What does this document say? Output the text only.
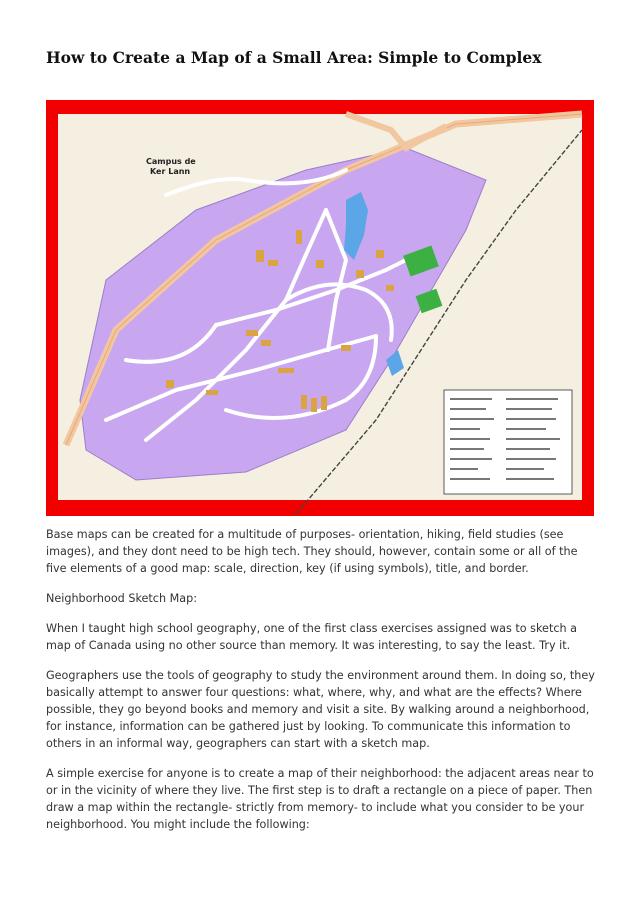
How to Create a Map of a Small Area: Simple to Complex
Campus de
Ker Lann

Base maps can be created for a multitude of purposes- orientation, hiking, field studies (see images), and they dont need to be high tech. They should, however, contain some or all of the five elements of a good map: scale, direction, key (if using symbols), title, and border.

Neighborhood Sketch Map:

When I taught high school geography, one of the first class exercises assigned was to sketch a map of Canada using no other source than memory. It was interesting, to say the least. Try it.

Geographers use the tools of geography to study the environment around them. In doing so, they basically attempt to answer four questions: what, where, why, and what are the effects? Where possible, they go beyond books and memory and visit a site. By walking around a neighborhood, for instance, information can be gathered just by looking. To communicate this information to others in an informal way, geographers can start with a sketch map.

A simple exercise for anyone is to create a map of their neighborhood: the adjacent areas near to or in the vicinity of where they live. The first step is to draft a rectangle on a piece of paper. Then draw a map within the rectangle- strictly from memory- to include what you consider to be your neighborhood. You might include the following:
